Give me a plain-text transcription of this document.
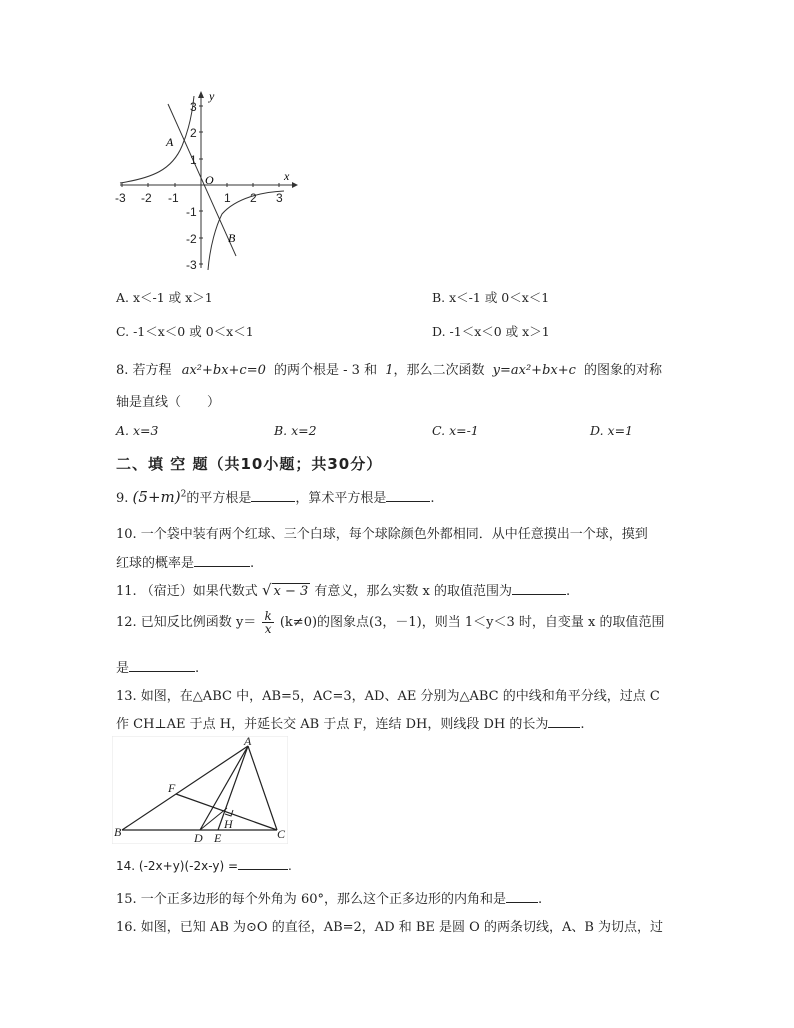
y
x
O
A
B
-3 -2 -1	1 2 3
3
2
1
-1
-2
-3
A. x＜-1 或 x＞1	B. x＜-1 或 0＜x＜1
C. -1＜x＜0 或 0＜x＜1	D. -1＜x＜0 或 x＞1
8. 若方程 ax²+bx+c=0 的两个根是 - 3 和 1，那么二次函数 y=ax²+bx+c 的图象的对称
轴是直线（　　）
A. x=3	B. x=2	C. x=-1	D. x=1
二、填 空 题（共10小题；共30分）
9. $(5+m)^2$的平方根是	，算术平方根是	.
10. 一个袋中装有两个红球、三个白球，每个球除颜色外都相同．从中任意摸出一个球，摸到
红球的概率是	.
11. （宿迁）如果代数式 √ x − 3 有意义，那么实数 x 的取值范围为	.
12. 已知反比例函数 $y= \frac{k}{x} (k\ne 0)$的图象点(3，－1)，则当 1＜y＜3 时，自变量 x 的取值范围
是	.
13. 如图，在△ABC 中，AB=5，AC=3，AD、AE 分别为△ABC 的中线和角平分线，过点 C
作 CH⊥AE 于点 H，并延长交 AB 于点 F，连结 DH，则线段 DH 的长为 .
A
B	C
D E
F
H
14. (-2x+y)(-2x-y) =	.
15. 一个正多边形的每个外角为 60°，那么这个正多边形的内角和是 .
16. 如图，已知 AB 为⊙O 的直径，AB=2，AD 和 BE 是圆 O 的两条切线，A、B 为切点，过
